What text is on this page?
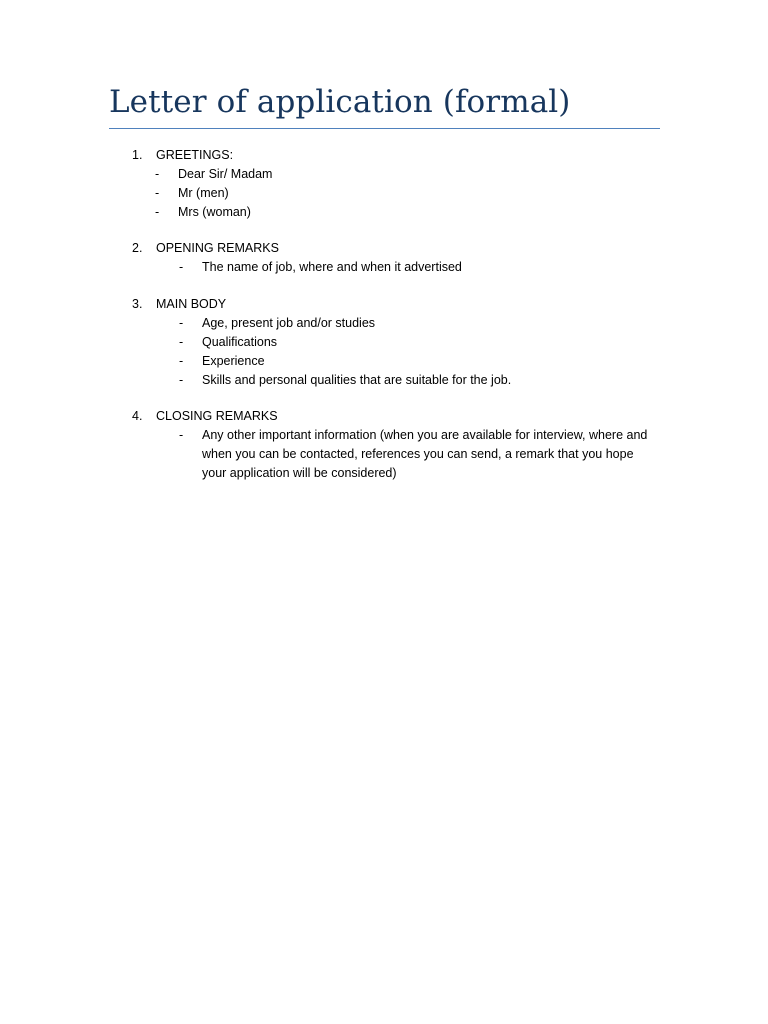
Letter of application (formal)
1. GREETINGS:
- Dear Sir/ Madam
- Mr (men)
- Mrs (woman)
2. OPENING REMARKS
- The name of job, where and when it advertised
3. MAIN BODY
- Age, present job and/or studies
- Qualifications
- Experience
- Skills and personal qualities that are suitable for the job.
4. CLOSING REMARKS
- Any other important information (when you are available for interview, where and when you can be contacted, references you can send, a remark that you hope your application will be considered)
